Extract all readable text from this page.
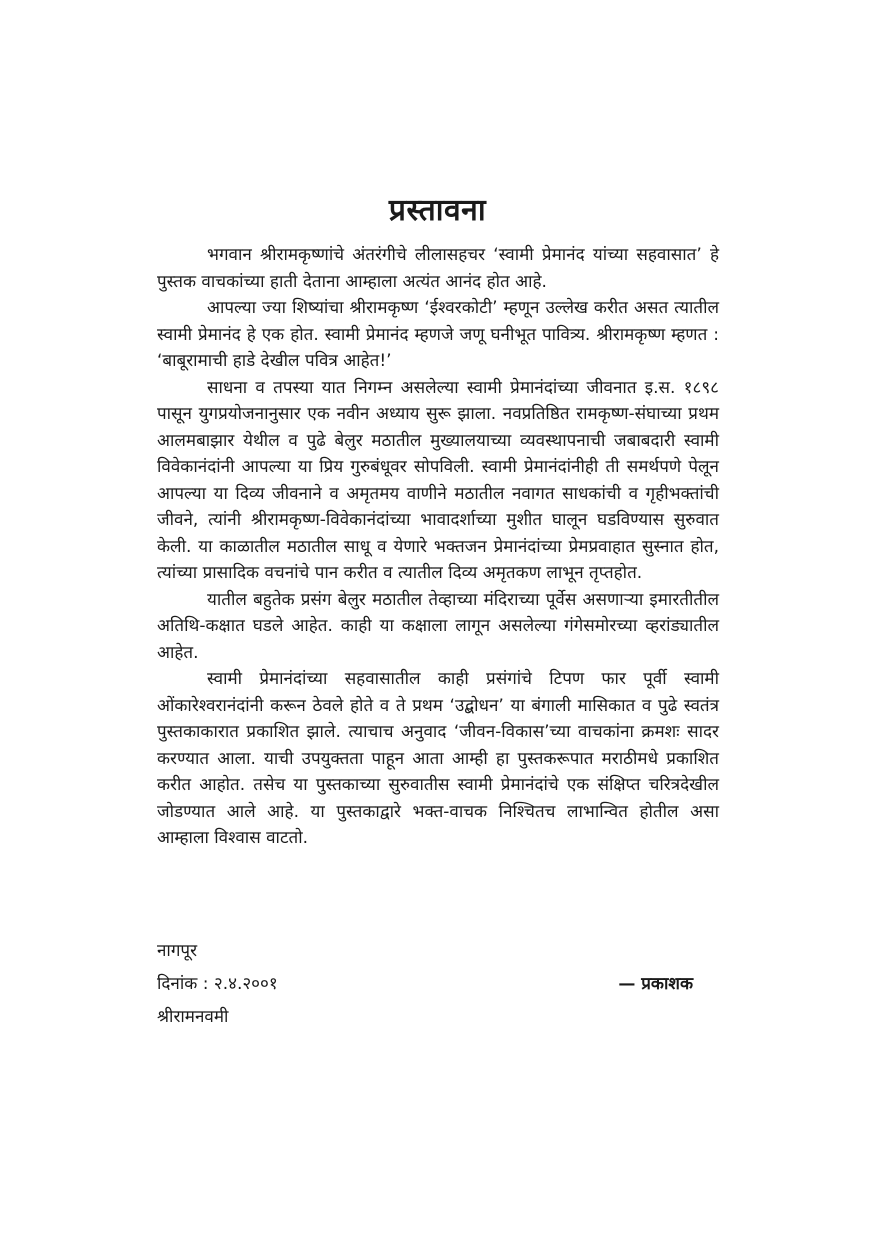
प्रस्तावना

भगवान श्रीरामकृष्णांचे अंतरंगीचे लीलासहचर ‘स्वामी प्रेमानंद यांच्या सहवासात’ हे पुस्तक वाचकांच्या हाती देताना आम्हाला अत्यंत आनंद होत आहे.

आपल्या ज्या शिष्यांचा श्रीरामकृष्ण ‘ईश्वरकोटी’ म्हणून उल्लेख करीत असत त्यातील स्वामी प्रेमानंद हे एक होत. स्वामी प्रेमानंद म्हणजे जणू घनीभूत पावित्र्य. श्रीरामकृष्ण म्हणत : ‘बाबूरामाची हाडे देखील पवित्र आहेत!’

साधना व तपस्या यात निगम्न असलेल्या स्वामी प्रेमानंदांच्या जीवनात इ.स. १८९८ पासून युगप्रयोजनानुसार एक नवीन अध्याय सुरू झाला. नवप्रतिष्ठित रामकृष्ण-संघाच्या प्रथम आलमबाझार येथील व पुढे बेलुर मठातील मुख्यालयाच्या व्यवस्थापनाची जबाबदारी स्वामी विवेकानंदांनी आपल्या या प्रिय गुरुबंधूवर सोपविली. स्वामी प्रेमानंदांनीही ती समर्थपणे पेलून आपल्या या दिव्य जीवनाने व अमृतमय वाणीने मठातील नवागत साधकांची व गृहीभक्तांची जीवने, त्यांनी श्रीरामकृष्ण-विवेकानंदांच्या भावादर्शाच्या मुशीत घालून घडविण्यास सुरुवात केली. या काळातील मठातील साधू व येणारे भक्तजन प्रेमानंदांच्या प्रेमप्रवाहात सुस्नात होत, त्यांच्या प्रासादिक वचनांचे पान करीत व त्यातील दिव्य अमृतकण लाभून तृप्तहोत.

यातील बहुतेक प्रसंग बेलुर मठातील तेव्हाच्या मंदिराच्या पूर्वेस असणाऱ्या इमारतीतील अतिथि-कक्षात घडले आहेत. काही या कक्षाला लागून असलेल्या गंगेसमोरच्या व्हरांड्यातील आहेत.

स्वामी प्रेमानंदांच्या सहवासातील काही प्रसंगांचे टिपण फार पूर्वी स्वामी ओंकारेश्वरानंदांनी करून ठेवले होते व ते प्रथम ‘उद्बोधन’ या बंगाली मासिकात व पुढे स्वतंत्र पुस्तकाकारात प्रकाशित झाले. त्याचाच अनुवाद ‘जीवन-विकास’च्या वाचकांना क्रमशः सादर करण्यात आला. याची उपयुक्तता पाहून आता आम्ही हा पुस्तकरूपात मराठीमधे प्रकाशित करीत आहोत. तसेच या पुस्तकाच्या सुरुवातीस स्वामी प्रेमानंदांचे एक संक्षिप्त चरित्रदेखील जोडण्यात आले आहे. या पुस्तकाद्वारे भक्त-वाचक निश्चितच लाभान्वित होतील असा आम्हाला विश्वास वाटतो.

नागपूर
दिनांक : २.४.२००१	— प्रकाशक
श्रीरामनवमी
